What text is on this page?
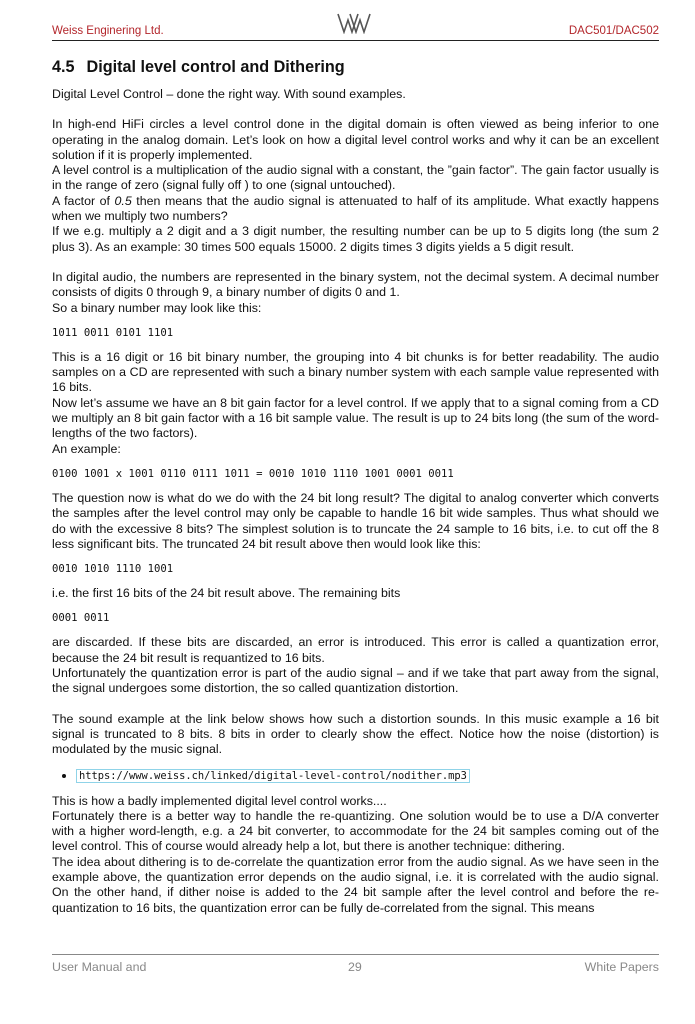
Weiss Enginering Ltd.	DAC501/DAC502
4.5 Digital level control and Dithering

Digital Level Control – done the right way. With sound examples.

In high-end HiFi circles a level control done in the digital domain is often viewed as being inferior to one operating in the analog domain. Let’s look on how a digital level control works and why it can be an excellent solution if it is properly implemented.

A level control is a multiplication of the audio signal with a constant, the ”gain factor”. The gain factor usually is in the range of zero (signal fully off ) to one (signal untouched).

A factor of 0.5 then means that the audio signal is attenuated to half of its amplitude. What exactly happens when we multiply two numbers?

If we e.g. multiply a 2 digit and a 3 digit number, the resulting number can be up to 5 digits long (the sum 2 plus 3). As an example: 30 times 500 equals 15000. 2 digits times 3 digits yields a 5 digit result.

In digital audio, the numbers are represented in the binary system, not the decimal system. A decimal number consists of digits 0 through 9, a binary number of digits 0 and 1.

So a binary number may look like this:

1011 0011 0101 1101

This is a 16 digit or 16 bit binary number, the grouping into 4 bit chunks is for better readability. The audio samples on a CD are represented with such a binary number system with each sample value represented with 16 bits.

Now let’s assume we have an 8 bit gain factor for a level control. If we apply that to a signal coming from a CD we multiply an 8 bit gain factor with a 16 bit sample value. The result is up to 24 bits long (the sum of the word-lengths of the two factors).

An example:

0100 1001 x 1001 0110 0111 1011 = 0010 1010 1110 1001 0001 0011

The question now is what do we do with the 24 bit long result? The digital to analog converter which converts the samples after the level control may only be capable to handle 16 bit wide samples. Thus what should we do with the excessive 8 bits? The simplest solution is to truncate the 24 sample to 16 bits, i.e. to cut off the 8 less significant bits. The truncated 24 bit result above then would look like this:

0010 1010 1110 1001

i.e. the first 16 bits of the 24 bit result above. The remaining bits

0001 0011

are discarded. If these bits are discarded, an error is introduced. This error is called a quantization error, because the 24 bit result is requantized to 16 bits.

Unfortunately the quantization error is part of the audio signal – and if we take that part away from the signal, the signal undergoes some distortion, the so called quantization distortion.

The sound example at the link below shows how such a distortion sounds. In this music example a 16 bit signal is truncated to 8 bits. 8 bits in order to clearly show the effect. Notice how the noise (distortion) is modulated by the music signal.

• https://www.weiss.ch/linked/digital-level-control/nodither.mp3

This is how a badly implemented digital level control works....

Fortunately there is a better way to handle the re-quantizing. One solution would be to use a D/A converter with a higher word-length, e.g. a 24 bit converter, to accommodate for the 24 bit samples coming out of the level control. This of course would already help a lot, but there is another technique: dithering.

The idea about dithering is to de-correlate the quantization error from the audio signal. As we have seen in the example above, the quantization error depends on the audio signal, i.e. it is correlated with the audio signal. On the other hand, if dither noise is added to the 24 bit sample after the level control and before the re-quantization to 16 bits, the quantization error can be fully de-correlated from the signal. This means

User Manual and	29	White Papers
